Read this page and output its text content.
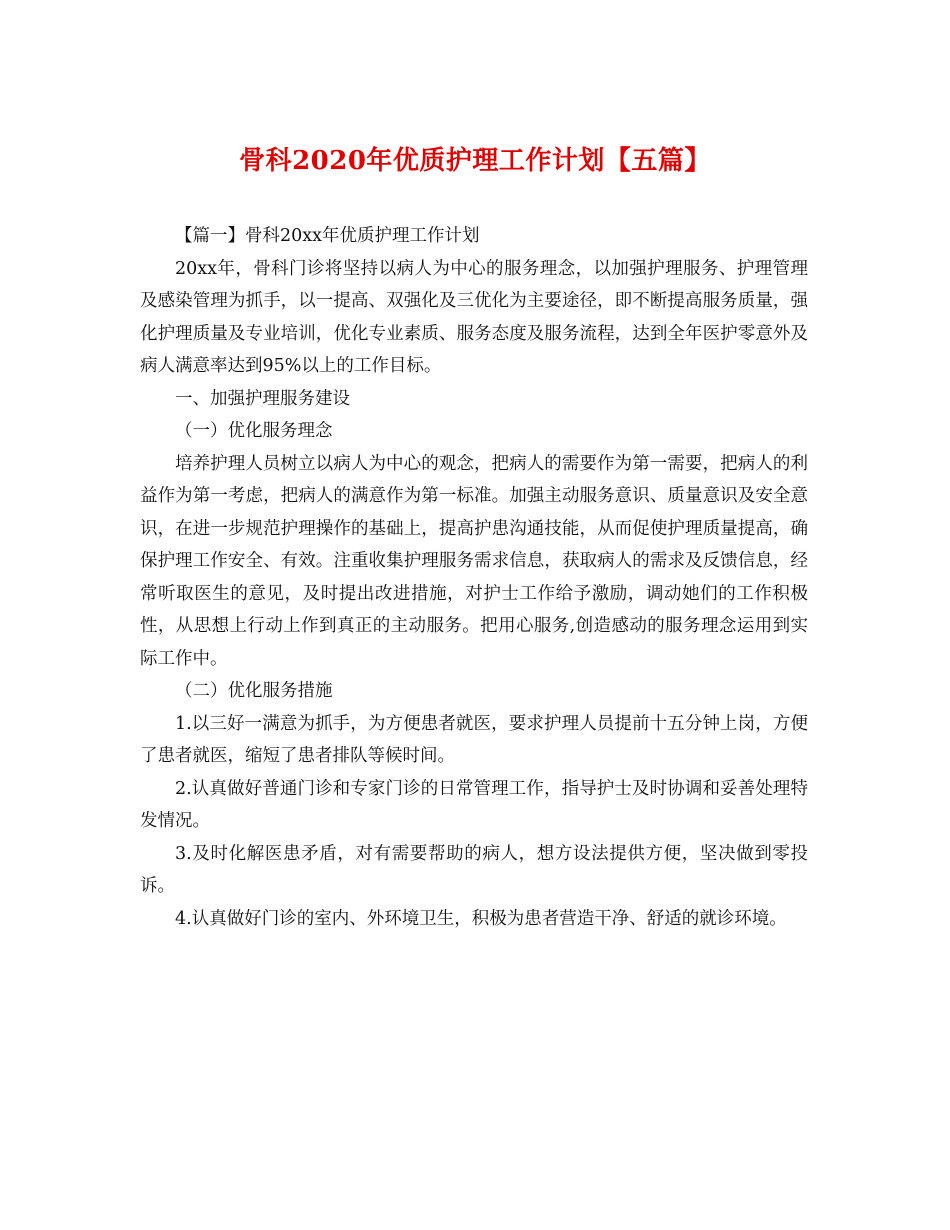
骨科2020年优质护理工作计划【五篇】

【篇一】骨科20xx年优质护理工作计划

20xx年，骨科门诊将坚持以病人为中心的服务理念，以加强护理服务、护理管理及感染管理为抓手，以一提高、双强化及三优化为主要途径，即不断提高服务质量，强化护理质量及专业培训，优化专业素质、服务态度及服务流程，达到全年医护零意外及病人满意率达到95%以上的工作目标。

一、加强护理服务建设

（一）优化服务理念

培养护理人员树立以病人为中心的观念，把病人的需要作为第一需要，把病人的利益作为第一考虑，把病人的满意作为第一标准。加强主动服务意识、质量意识及安全意识，在进一步规范护理操作的基础上，提高护患沟通技能，从而促使护理质量提高，确保护理工作安全、有效。注重收集护理服务需求信息，获取病人的需求及反馈信息，经常听取医生的意见，及时提出改进措施，对护士工作给予激励，调动她们的工作积极性，从思想上行动上作到真正的主动服务。把用心服务,创造感动的服务理念运用到实际工作中。

（二）优化服务措施

1.以三好一满意为抓手，为方便患者就医，要求护理人员提前十五分钟上岗，方便了患者就医，缩短了患者排队等候时间。

2.认真做好普通门诊和专家门诊的日常管理工作，指导护士及时协调和妥善处理特发情况。

3.及时化解医患矛盾，对有需要帮助的病人，想方设法提供方便，坚决做到零投诉。

4.认真做好门诊的室内、外环境卫生，积极为患者营造干净、舒适的就诊环境。
